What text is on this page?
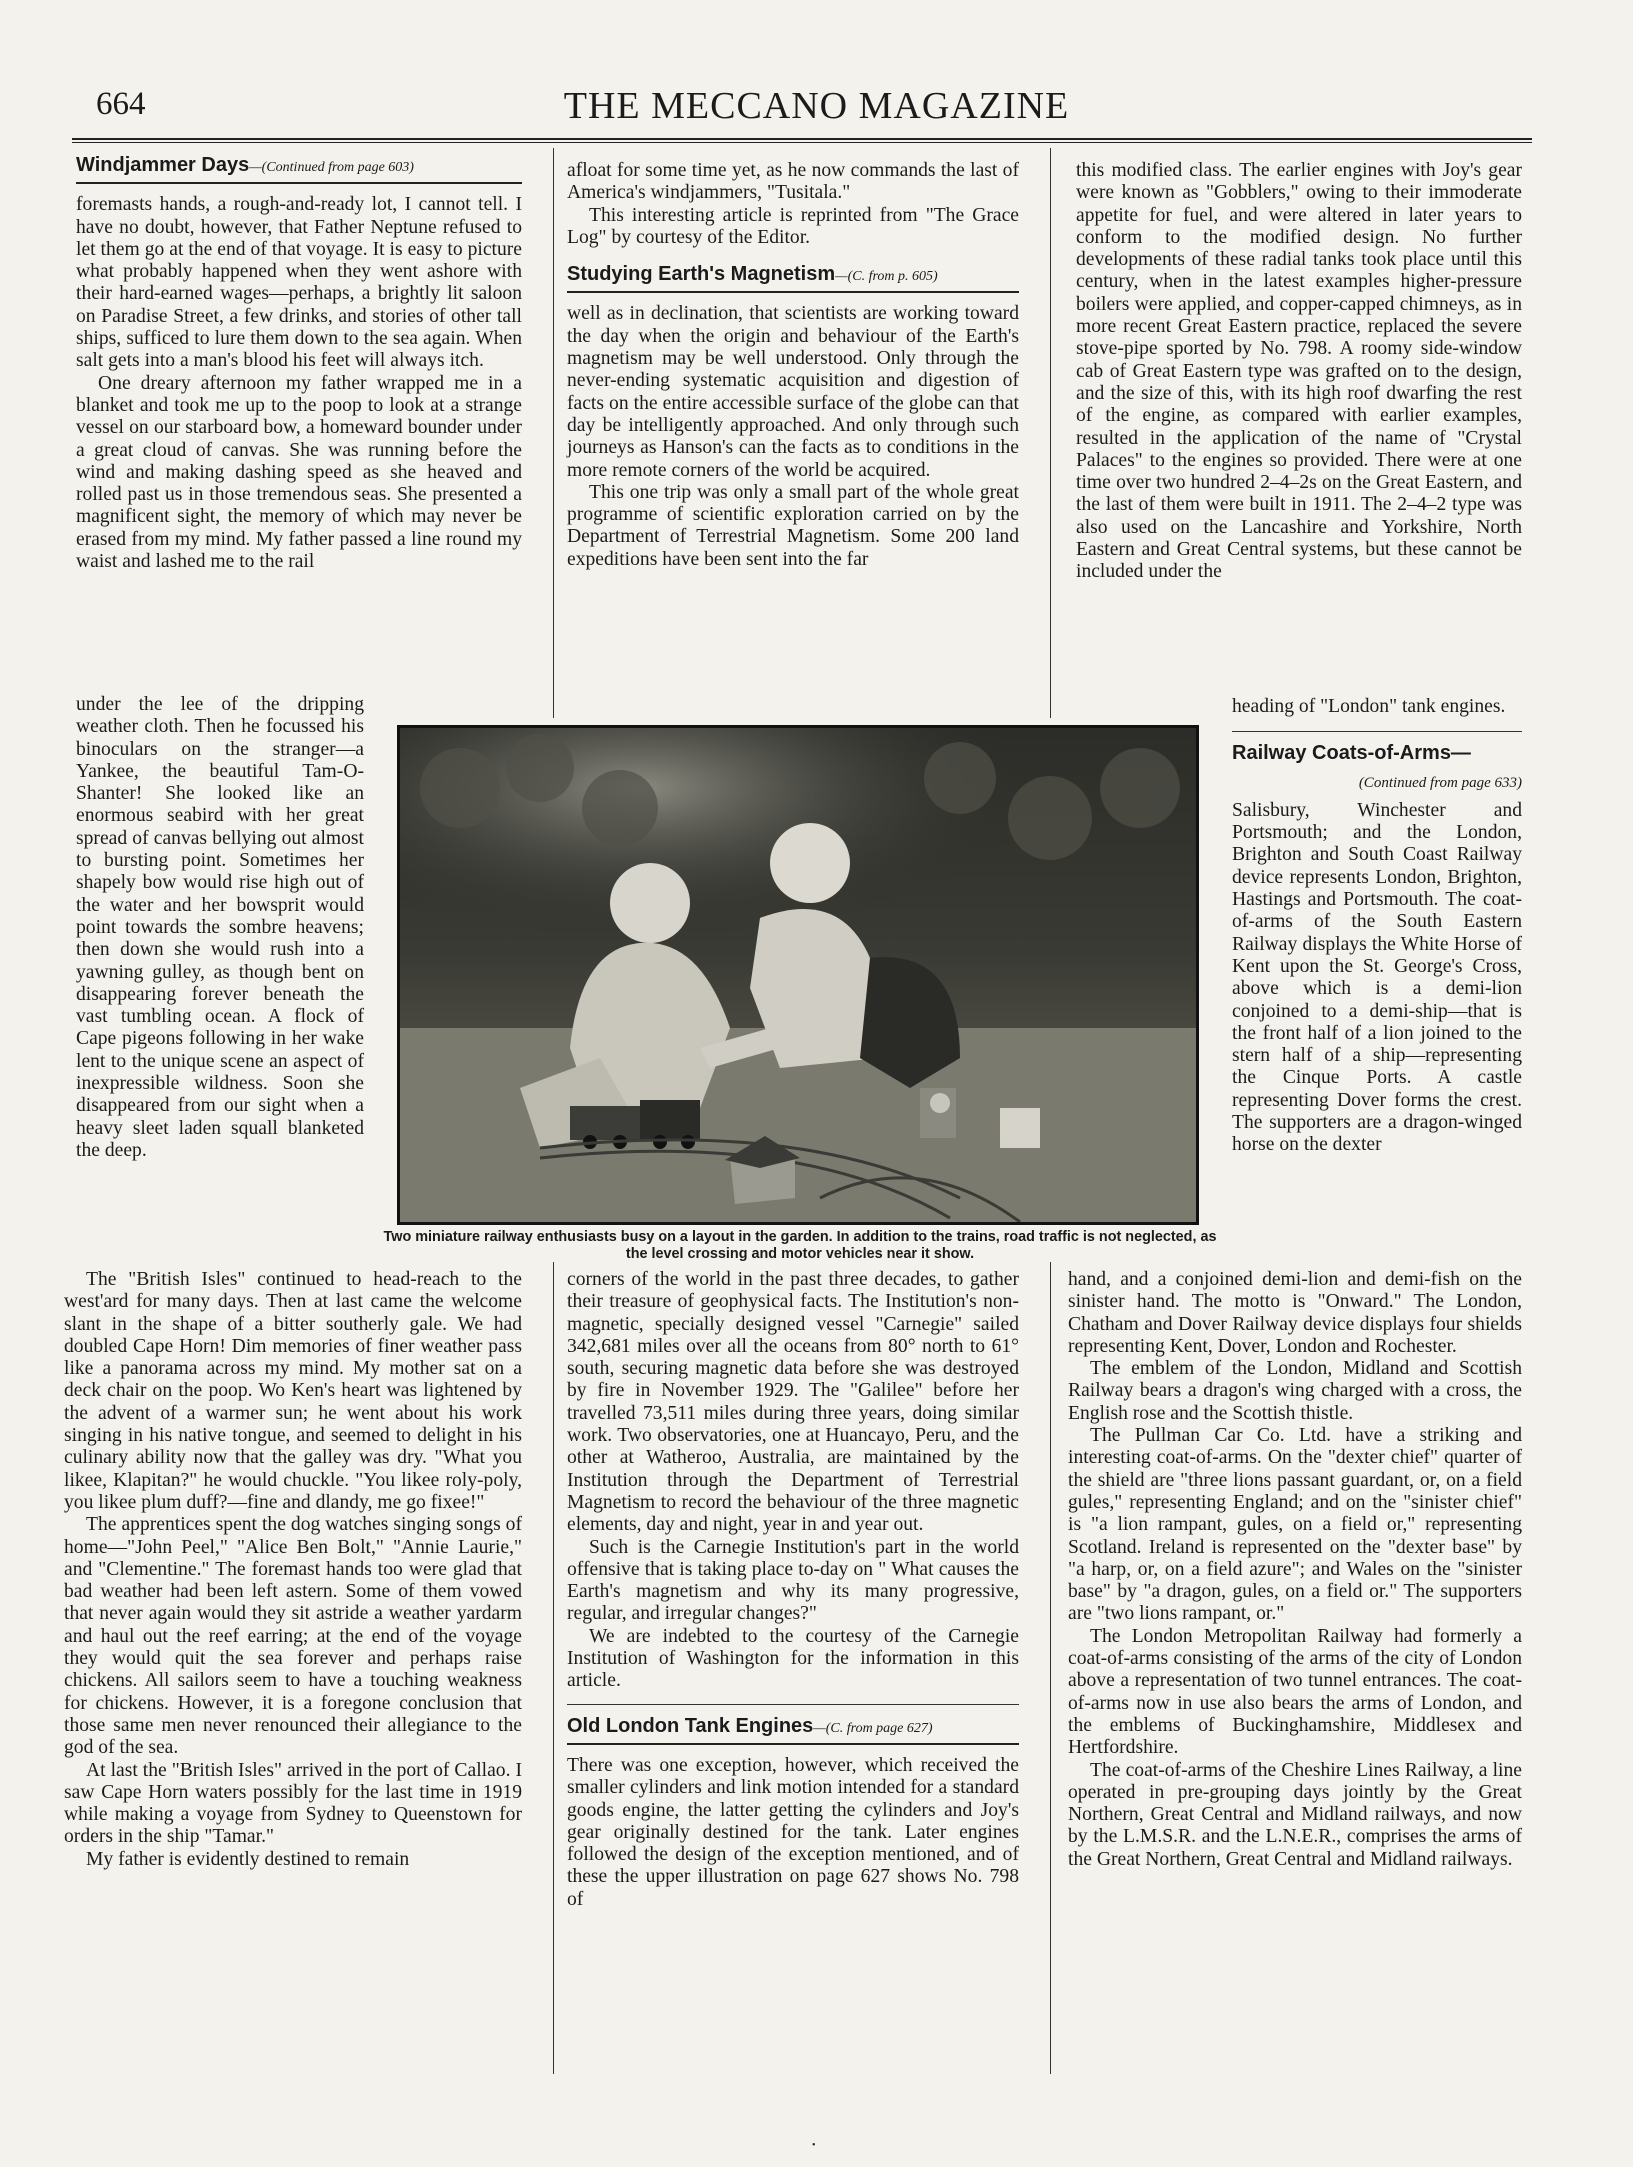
664	THE MECCANO MAGAZINE
Windjammer Days—(Continued from page 603)

foremasts hands, a rough-and-ready lot, I cannot tell. I have no doubt, however, that Father Neptune refused to let them go at the end of that voyage. It is easy to picture what probably happened when they went ashore with their hard-earned wages—perhaps, a brightly lit saloon on Paradise Street, a few drinks, and stories of other tall ships, sufficed to lure them down to the sea again. When salt gets into a man's blood his feet will always itch.

One dreary afternoon my father wrapped me in a blanket and took me up to the poop to look at a strange vessel on our starboard bow, a homeward bounder under a great cloud of canvas. She was running before the wind and making dashing speed as she heaved and rolled past us in those tremendous seas. She presented a magnificent sight, the memory of which may never be erased from my mind. My father passed a line round my waist and lashed me to the rail

under the lee of the dripping weather cloth. Then he focussed his binoculars on the stranger—a Yankee, the beautiful Tam-O-Shanter! She looked like an enormous seabird with her great spread of canvas bellying out almost to bursting point. Sometimes her shapely bow would rise high out of the water and her bowsprit would point towards the sombre heavens; then down she would rush into a yawning gulley, as though bent on disappearing forever beneath the vast tumbling ocean. A flock of Cape pigeons following in her wake lent to the unique scene an aspect of inexpressible wildness. Soon she disappeared from our sight when a heavy sleet laden squall blanketed the deep.

The "British Isles" continued to head-reach to the west'ard for many days. Then at last came the welcome slant in the shape of a bitter southerly gale. We had doubled Cape Horn! Dim memories of finer weather pass like a panorama across my mind. My mother sat on a deck chair on the poop. Wo Ken's heart was lightened by the advent of a warmer sun; he went about his work singing in his native tongue, and seemed to delight in his culinary ability now that the galley was dry. "What you likee, Klapitan?" he would chuckle. "You likee roly-poly, you likee plum duff?—fine and dlandy, me go fixee!"

The apprentices spent the dog watches singing songs of home—"John Peel," "Alice Ben Bolt," "Annie Laurie," and "Clementine." The foremast hands too were glad that bad weather had been left astern. Some of them vowed that never again would they sit astride a weather yardarm and haul out the reef earring; at the end of the voyage they would quit the sea forever and perhaps raise chickens. All sailors seem to have a touching weakness for chickens. However, it is a foregone conclusion that those same men never renounced their allegiance to the god of the sea.

At last the "British Isles" arrived in the port of Callao. I saw Cape Horn waters possibly for the last time in 1919 while making a voyage from Sydney to Queenstown for orders in the ship "Tamar."

My father is evidently destined to remain

afloat for some time yet, as he now commands the last of America's windjammers, "Tusitala."

This interesting article is reprinted from "The Grace Log" by courtesy of the Editor.

Studying Earth's Magnetism—(C. from p. 605)

well as in declination, that scientists are working toward the day when the origin and behaviour of the Earth's magnetism may be well understood. Only through the never-ending systematic acquisition and digestion of facts on the entire accessible surface of the globe can that day be intelligently approached. And only through such journeys as Hanson's can the facts as to conditions in the more remote corners of the world be acquired.

This one trip was only a small part of the whole great programme of scientific exploration carried on by the Department of Terrestrial Magnetism. Some 200 land expeditions have been sent into the far

corners of the world in the past three decades, to gather their treasure of geophysical facts. The Institution's non-magnetic, specially designed vessel "Carnegie" sailed 342,681 miles over all the oceans from 80° north to 61° south, securing magnetic data before she was destroyed by fire in November 1929. The "Galilee" before her travelled 73,511 miles during three years, doing similar work. Two observatories, one at Huancayo, Peru, and the other at Watheroo, Australia, are maintained by the Institution through the Department of Terrestrial Magnetism to record the behaviour of the three magnetic elements, day and night, year in and year out.

Such is the Carnegie Institution's part in the world offensive that is taking place to-day on " What causes the Earth's magnetism and why its many progressive, regular, and irregular changes?"

We are indebted to the courtesy of the Carnegie Institution of Washington for the information in this article.

Old London Tank Engines—(C. from page 627)

There was one exception, however, which received the smaller cylinders and link motion intended for a standard goods engine, the latter getting the cylinders and Joy's gear originally destined for the tank. Later engines followed the design of the exception mentioned, and of these the upper illustration on page 627 shows No. 798 of

this modified class. The earlier engines with Joy's gear were known as "Gobblers," owing to their immoderate appetite for fuel, and were altered in later years to conform to the modified design. No further developments of these radial tanks took place until this century, when in the latest examples higher-pressure boilers were applied, and copper-capped chimneys, as in more recent Great Eastern practice, replaced the severe stove-pipe sported by No. 798. A roomy side-window cab of Great Eastern type was grafted on to the design, and the size of this, with its high roof dwarfing the rest of the engine, as compared with earlier examples, resulted in the application of the name of "Crystal Palaces" to the engines so provided. There were at one time over two hundred 2–4–2s on the Great Eastern, and the last of them were built in 1911. The 2–4–2 type was also used on the Lancashire and Yorkshire, North Eastern and Great Central systems, but these cannot be included under the

heading of "London" tank engines.

Railway Coats-of-Arms—
(Continued from page 633)

Salisbury, Winchester and Portsmouth; and the London, Brighton and South Coast Railway device represents London, Brighton, Hastings and Portsmouth. The coat-of-arms of the South Eastern Railway displays the White Horse of Kent upon the St. George's Cross, above which is a demi-lion conjoined to a demi-ship—that is the front half of a lion joined to the stern half of a ship—representing the Cinque Ports. A castle representing Dover forms the crest. The supporters are a dragon-winged horse on the dexter

hand, and a conjoined demi-lion and demi-fish on the sinister hand. The motto is "Onward." The London, Chatham and Dover Railway device displays four shields representing Kent, Dover, London and Rochester.

The emblem of the London, Midland and Scottish Railway bears a dragon's wing charged with a cross, the English rose and the Scottish thistle.

The Pullman Car Co. Ltd. have a striking and interesting coat-of-arms. On the "dexter chief" quarter of the shield are "three lions passant guardant, or, on a field gules," representing England; and on the "sinister chief" is "a lion rampant, gules, on a field or," representing Scotland. Ireland is represented on the "dexter base" by "a harp, or, on a field azure"; and Wales on the "sinister base" by "a dragon, gules, on a field or." The supporters are "two lions rampant, or."

The London Metropolitan Railway had formerly a coat-of-arms consisting of the arms of the city of London above a representation of two tunnel entrances. The coat-of-arms now in use also bears the arms of London, and the emblems of Buckinghamshire, Middlesex and Hertfordshire.

The coat-of-arms of the Cheshire Lines Railway, a line operated in pre-grouping days jointly by the Great Northern, Great Central and Midland railways, and now by the L.M.S.R. and the L.N.E.R., comprises the arms of the Great Northern, Great Central and Midland railways.

Two miniature railway enthusiasts busy on a layout in the garden. In addition to the trains, road traffic is not neglected, as the level crossing and motor vehicles near it show.
•
